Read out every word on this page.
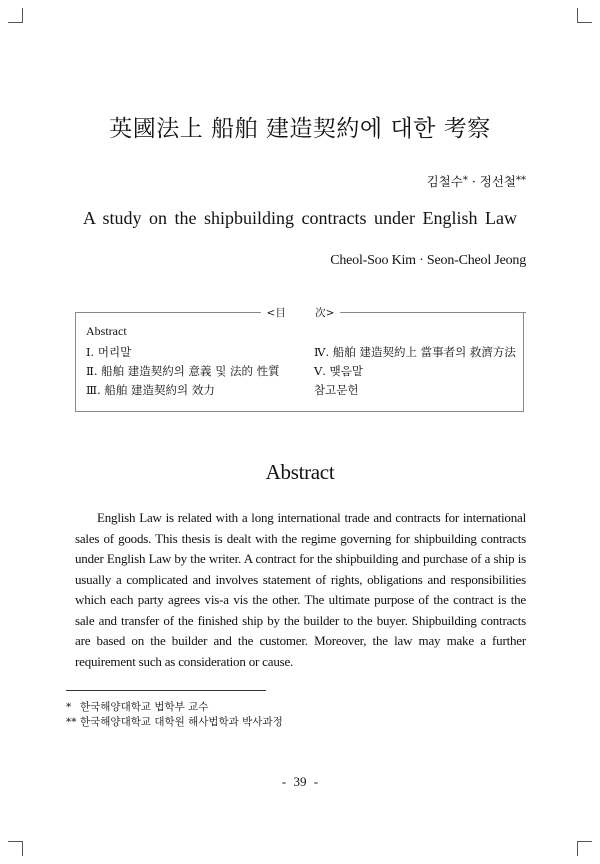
英國法上 船舶 建造契約에 대한 考察
김철수* · 정선철**
A study on the shipbuilding contracts under English Law
Cheol-Soo Kim · Seon-Cheol Jeong
<目 次>
Abstract
Ⅰ. 머리말
Ⅱ. 船舶 建造契約의 意義 및 法的 性質
Ⅲ. 船舶 建造契約의 效力
Ⅳ. 船舶 建造契約上 當事者의 救濟方法
Ⅴ. 맺음말
참고문헌
Abstract

English Law is related with a long international trade and contracts for international sales of goods. This thesis is dealt with the regime governing for shipbuilding contracts under English Law by the writer. A contract for the shipbuilding and purchase of a ship is usually a complicated and involves statement of rights, obligations and responsibilities which each party agrees vis-a vis the other. The ultimate purpose of the contract is the sale and transfer of the finished ship by the builder to the buyer. Shipbuilding contracts are based on the builder and the customer. Moreover, the law may make a further requirement such as consideration or cause.

* 한국해양대학교 법학부 교수
** 한국해양대학교 대학원 해사법학과 박사과정
- 39 -
